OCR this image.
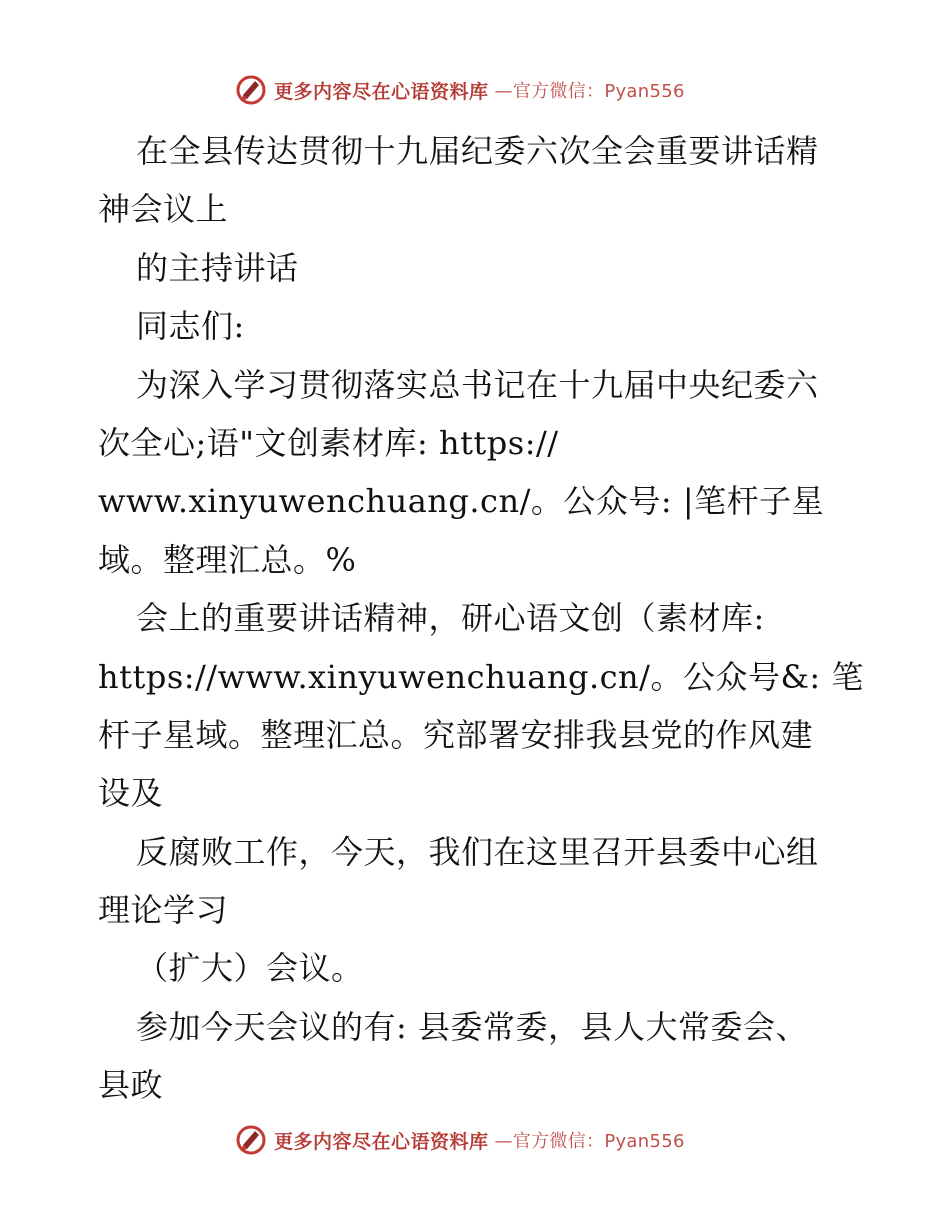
更多内容尽在心语资料库 —官方微信：Pyan556
在全县传达贯彻十九届纪委六次全会重要讲话精
神会议上
的主持讲话
同志们:
为深入学习贯彻落实总书记在十九届中央纪委六
次全心;语"文创素材库: https://
www.xinyuwenchuang.cn/。公众号: |笔杆子星
域。整理汇总。%
会上的重要讲话精神，研心语文创（素材库:
https://www.xinyuwenchuang.cn/。公众号&: 笔
杆子星域。整理汇总。究部署安排我县党的作风建
设及
反腐败工作，今天，我们在这里召开县委中心组
理论学习
（扩大）会议。
参加今天会议的有: 县委常委，县人大常委会、
县政
更多内容尽在心语资料库 —官方微信：Pyan556
